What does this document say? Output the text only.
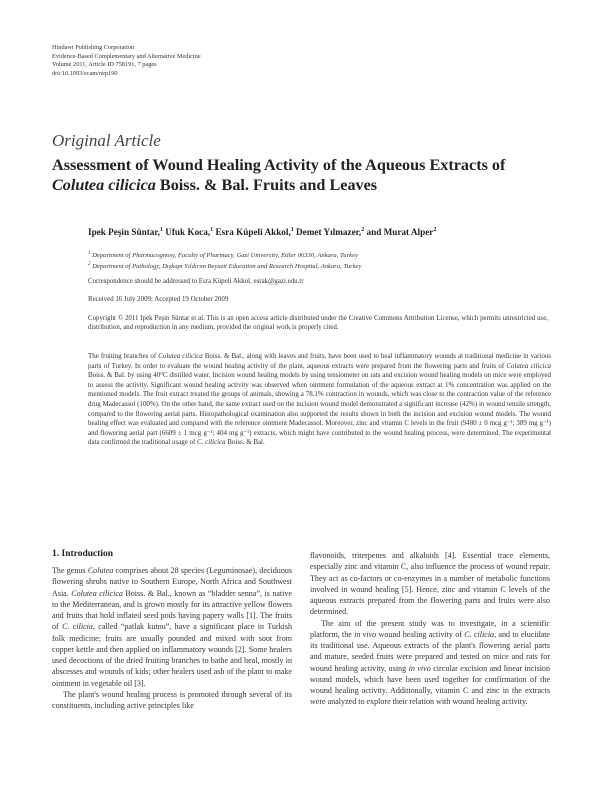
Hindawi Publishing Corporation
Evidence-Based Complementary and Alternative Medicine
Volume 2011, Article ID 758191, 7 pages
doi:10.1093/ecam/nep190
Original Article
Assessment of Wound Healing Activity of the Aqueous Extracts of
Colutea cilicica Boiss. & Bal. Fruits and Leaves
Ipek Peşin Süntar,$^1$ Ufuk Koca,$^1$ Esra Küpeli Akkol,$^1$ Demet Yılmazer,$^2$ and Murat Alper$^2$
$^1$ Department of Pharmacognosy, Faculty of Pharmacy, Gazi University, Etiler 06330, Ankara, Turkey
$^2$ Department of Pathology, Dışkapı Yıldırım Beyazit Education and Research Hospital, Ankara, Turkey
Correspondence should be addressed to Esra Küpeli Akkol, esrak@gazi.edu.tr
Received 16 July 2009; Accepted 19 October 2009
Copyright © 2011 Ipek Peşin Süntar et al. This is an open access article distributed under the Creative Commons Attribution License, which permits unrestricted use, distribution, and reproduction in any medium, provided the original work is properly cited.
The fruiting branches of Colutea cilicica Boiss. & Bal., along with leaves and fruits, have been used to heal inflammatory wounds at traditional medicine in various parts of Turkey. In order to evaluate the wound healing activity of the plant, aqueous extracts were prepared from the flowering parts and fruits of Colutea cilicica Boiss. & Bal. by using 40°C distilled water. Incision wound healing models by using tensiometer on rats and excision wound healing models on mice were employed to assess the activity. Significant wound healing activity was observed when ointment formulation of the aqueous extract at 1% concentration was applied on the mentioned models. The fruit extract treated the groups of animals, showing a 78.1% contraction in wounds, which was close to the contraction value of the reference drug Madecassol (100%). On the other hand, the same extract used on the incision wound model demonstrated a significant increase (42%) in wound tensile strength, compared to the flowering aerial parts. Histopathological examination also supported the results shown in both the incision and excision wound models. The wound healing effect was evaluated and compared with the reference ointment Madecassol. Moreover, zinc and vitamin C levels in the fruit (9480 ± 0 mcg g⁻¹; 389 mg g⁻¹) and flowering aerial part (6609 ± 1 mcg g⁻¹; 404 mg g⁻¹) extracts, which might have contributed to the wound healing process, were determined. The experimental data confirmed the traditional usage of C. cilicica Boiss. & Bal.
1. Introduction

The genus Colutea comprises about 28 species (Leguminosae), deciduous flowering shrubs native to Southern Europe, North Africa and Southwest Asia. Colutea cilicica Boiss. & Bal., known as “bladder senna”, is native to the Mediterranean, and is grown mostly for its attractive yellow flowers and fruits that hold inflated seed pods having papery walls [1]. The fruits of C. cilicia, called “patlak kutnu”, have a significant place in Turkish folk medicine; fruits are usually pounded and mixed with soot from copper kettle and then applied on inflammatory wounds [2]. Some healers used decoctions of the dried fruiting branches to bathe and heal, mostly in abscesses and wounds of kids; other healers used ash of the plant to make ointment in vegetable oil [3].

The plant's wound healing process is promoted through several of its constituents, including active principles like

flavonoids, triterpenes and alkaloids [4]. Essential trace elements, especially zinc and vitamin C, also influence the process of wound repair. They act as co-factors or co-enzymes in a number of metabolic functions involved in wound healing [5]. Hence, zinc and vitamin C levels of the aqueous extracts prepared from the flowering parts and fruits were also determined.

The aim of the present study was to investigate, in a scientific platform, the in vivo wound healing activity of C. cilicia, and to elucidate its traditional use. Aqueous extracts of the plant's flowering aerial parts and mature, seeded fruits were prepared and tested on mice and rats for wound healing activity, using in vivo circular excision and linear incision wound models, which have been used together for confirmation of the wound healing activity. Additionally, vitamin C and zinc in the extracts were analyzed to explore their relation with wound healing activity.
